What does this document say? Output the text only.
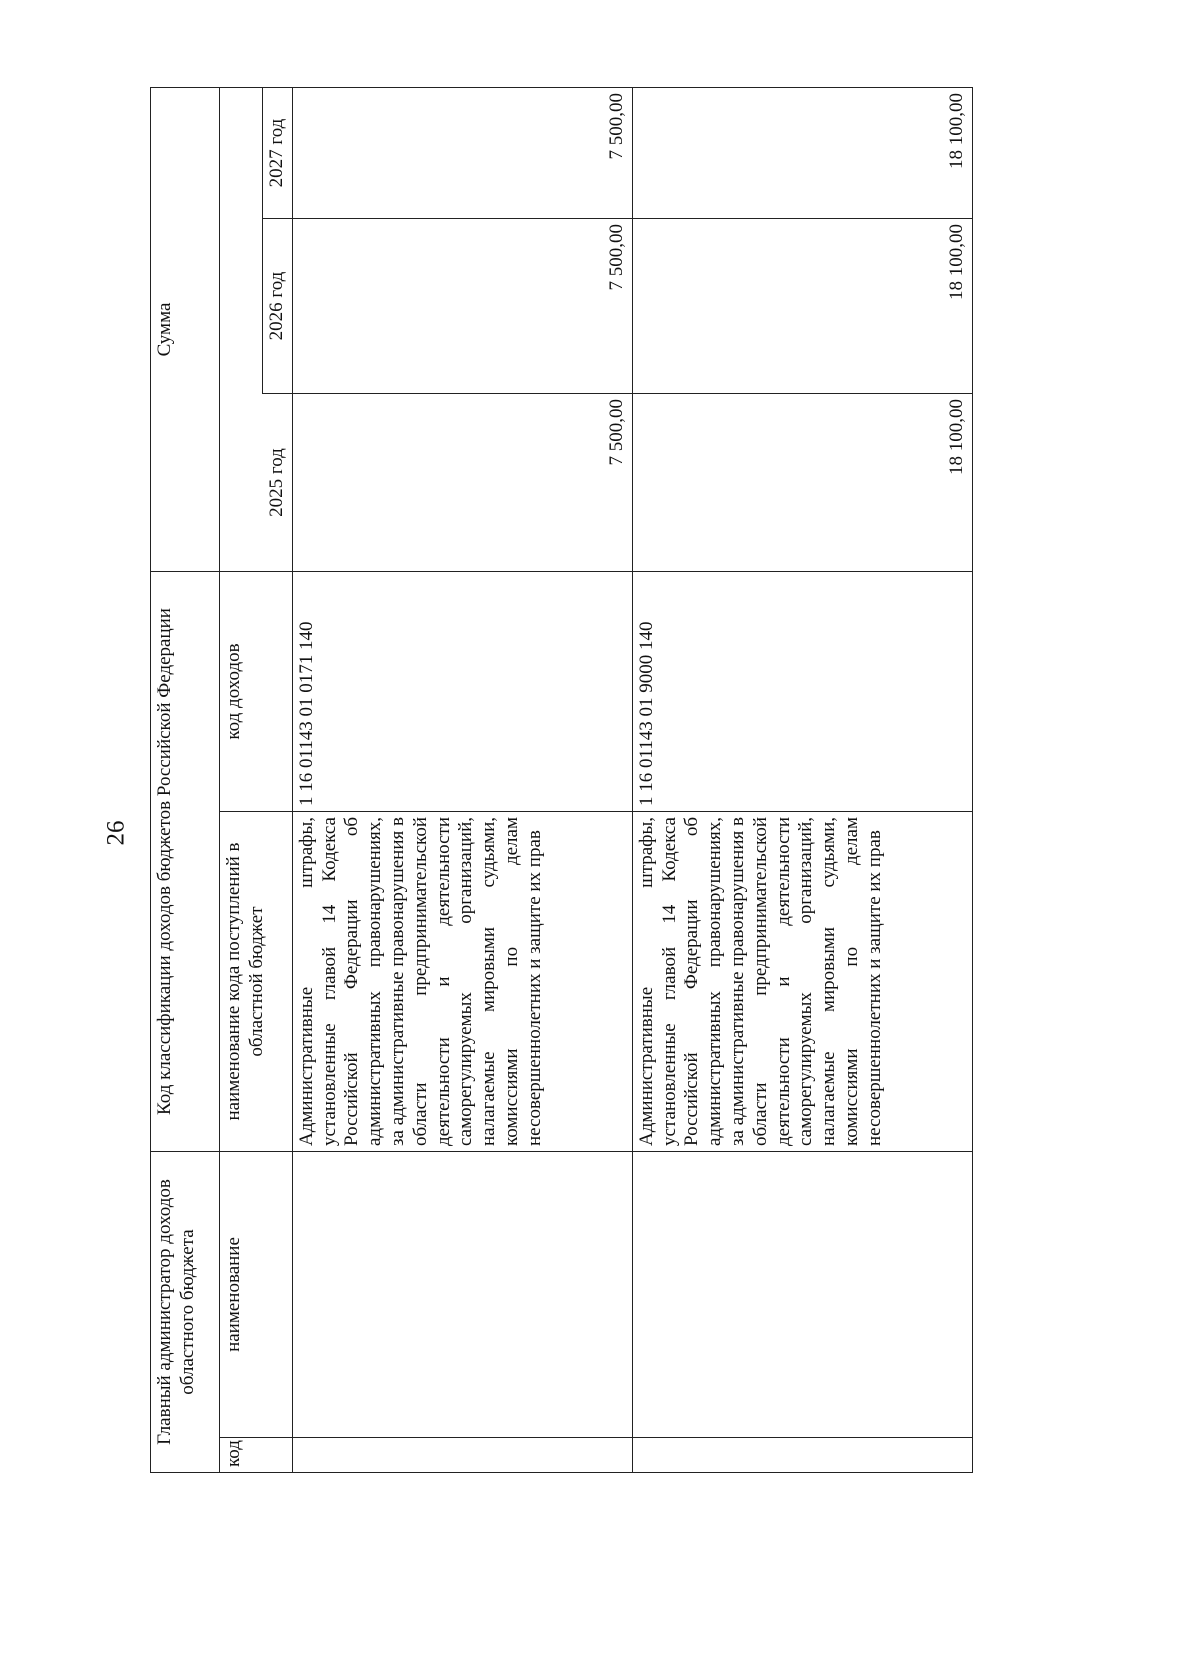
26
Главный администратор доходов областного бюджета		Код классификации доходов бюджетов Российской Федерации		Сумма		
код	наименование	наименование кода поступлений в областной бюджет	код доходов			
				2025 год	2026 год	2027 год
		Административные штрафы, установленные главой 14 Кодекса Российской Федерации об административных правонарушениях, за административные правонарушения в области предпринимательской деятельности и деятельности саморегулируемых организаций, налагаемые мировыми судьями, комиссиями по делам несовершеннолетних и защите их прав	1 16 01143 01 0171 140	7 500,00	7 500,00	7 500,00
		Административные штрафы, установленные главой 14 Кодекса Российской Федерации об административных правонарушениях, за административные правонарушения в области предпринимательской деятельности и деятельности саморегулируемых организаций, налагаемые мировыми судьями, комиссиями по делам несовершеннолетних и защите их прав	1 16 01143 01 9000 140	18 100,00	18 100,00	18 100,00
